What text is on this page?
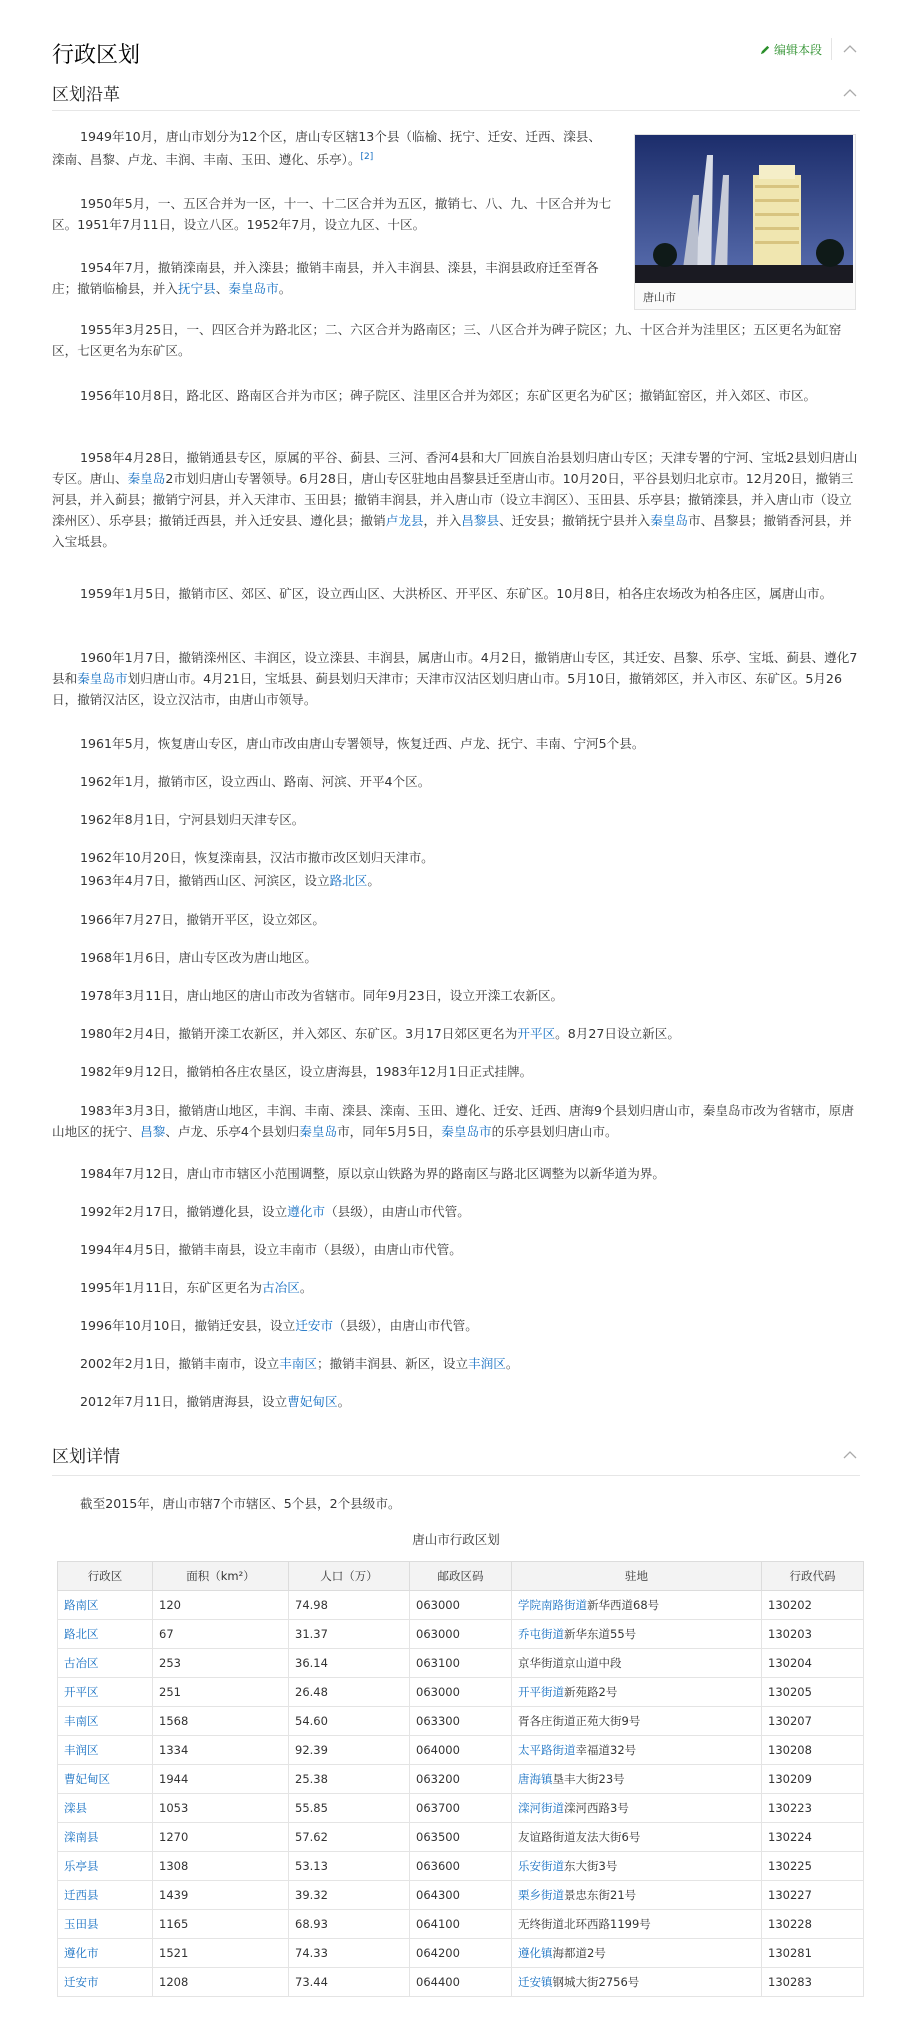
行政区划	编辑本段
区划沿革
唐山市

1949年10月，唐山市划分为12个区，唐山专区辖13个县（临榆、抚宁、迁安、迁西、滦县、滦南、昌黎、卢龙、丰润、丰南、玉田、遵化、乐亭）。[2]

1950年5月，一、五区合并为一区，十一、十二区合并为五区，撤销七、八、九、十区合并为七区。1951年7月11日，设立八区。1952年7月，设立九区、十区。

1954年7月，撤销滦南县，并入滦县；撤销丰南县，并入丰润县、滦县，丰润县政府迁至胥各庄；撤销临榆县，并入抚宁县、秦皇岛市。

1955年3月25日，一、四区合并为路北区；二、六区合并为路南区；三、八区合并为碑子院区；九、十区合并为洼里区；五区更名为缸窑区，七区更名为东矿区。

1956年10月8日，路北区、路南区合并为市区；碑子院区、洼里区合并为郊区；东矿区更名为矿区；撤销缸窑区，并入郊区、市区。

1958年4月28日，撤销通县专区，原属的平谷、蓟县、三河、香河4县和大厂回族自治县划归唐山专区；天津专署的宁河、宝坻2县划归唐山专区。唐山、秦皇岛2市划归唐山专署领导。6月28日，唐山专区驻地由昌黎县迁至唐山市。10月20日，平谷县划归北京市。12月20日，撤销三河县，并入蓟县；撤销宁河县，并入天津市、玉田县；撤销丰润县，并入唐山市（设立丰润区）、玉田县、乐亭县；撤销滦县，并入唐山市（设立滦州区）、乐亭县；撤销迁西县，并入迁安县、遵化县；撤销卢龙县，并入昌黎县、迁安县；撤销抚宁县并入秦皇岛市、昌黎县；撤销香河县，并入宝坻县。

1959年1月5日，撤销市区、郊区、矿区，设立西山区、大洪桥区、开平区、东矿区。10月8日，柏各庄农场改为柏各庄区，属唐山市。

1960年1月7日，撤销滦州区、丰润区，设立滦县、丰润县，属唐山市。4月2日，撤销唐山专区，其迁安、昌黎、乐亭、宝坻、蓟县、遵化7县和秦皇岛市划归唐山市。4月21日，宝坻县、蓟县划归天津市；天津市汉沽区划归唐山市。5月10日，撤销郊区，并入市区、东矿区。5月26日，撤销汉沽区，设立汉沽市，由唐山市领导。

1961年5月，恢复唐山专区，唐山市改由唐山专署领导，恢复迁西、卢龙、抚宁、丰南、宁河5个县。

1962年1月，撤销市区，设立西山、路南、河滨、开平4个区。

1962年8月1日，宁河县划归天津专区。

1962年10月20日，恢复滦南县，汉沽市撤市改区划归天津市。

1963年4月7日，撤销西山区、河滨区，设立路北区。

1966年7月27日，撤销开平区，设立郊区。

1968年1月6日，唐山专区改为唐山地区。

1978年3月11日，唐山地区的唐山市改为省辖市。同年9月23日，设立开滦工农新区。

1980年2月4日，撤销开滦工农新区，并入郊区、东矿区。3月17日郊区更名为开平区。8月27日设立新区。

1982年9月12日，撤销柏各庄农垦区，设立唐海县，1983年12月1日正式挂牌。

1983年3月3日，撤销唐山地区，丰润、丰南、滦县、滦南、玉田、遵化、迁安、迁西、唐海9个县划归唐山市，秦皇岛市改为省辖市，原唐山地区的抚宁、昌黎、卢龙、乐亭4个县划归秦皇岛市，同年5月5日，秦皇岛市的乐亭县划归唐山市。

1984年7月12日，唐山市市辖区小范围调整，原以京山铁路为界的路南区与路北区调整为以新华道为界。

1992年2月17日，撤销遵化县，设立遵化市（县级），由唐山市代管。

1994年4月5日，撤销丰南县，设立丰南市（县级），由唐山市代管。

1995年1月11日，东矿区更名为古冶区。

1996年10月10日，撤销迁安县，设立迁安市（县级），由唐山市代管。

2002年2月1日，撤销丰南市，设立丰南区；撤销丰润县、新区，设立丰润区。

2012年7月11日，撤销唐海县，设立曹妃甸区。

区划详情

截至2015年，唐山市辖7个市辖区、5个县，2个县级市。

唐山市行政区划
行政区	面积（km²）	人口（万）	邮政区码	驻地	行政代码
路南区	120	74.98	063000	学院南路街道新华西道68号	130202
路北区	67	31.37	063000	乔屯街道新华东道55号	130203
古冶区	253	36.14	063100	京华街道京山道中段	130204
开平区	251	26.48	063000	开平街道新苑路2号	130205
丰南区	1568	54.60	063300	胥各庄街道正苑大街9号	130207
丰润区	1334	92.39	064000	太平路街道幸福道32号	130208
曹妃甸区	1944	25.38	063200	唐海镇垦丰大街23号	130209
滦县	1053	55.85	063700	滦河街道滦河西路3号	130223
滦南县	1270	57.62	063500	友谊路街道友法大街6号	130224
乐亭县	1308	53.13	063600	乐安街道东大街3号	130225
迁西县	1439	39.32	064300	栗乡街道景忠东街21号	130227
玉田县	1165	68.93	064100	无终街道北环西路1199号	130228
遵化市	1521	74.33	064200	遵化镇海都道2号	130281
迁安市	1208	73.44	064400	迁安镇钢城大街2756号	130283
